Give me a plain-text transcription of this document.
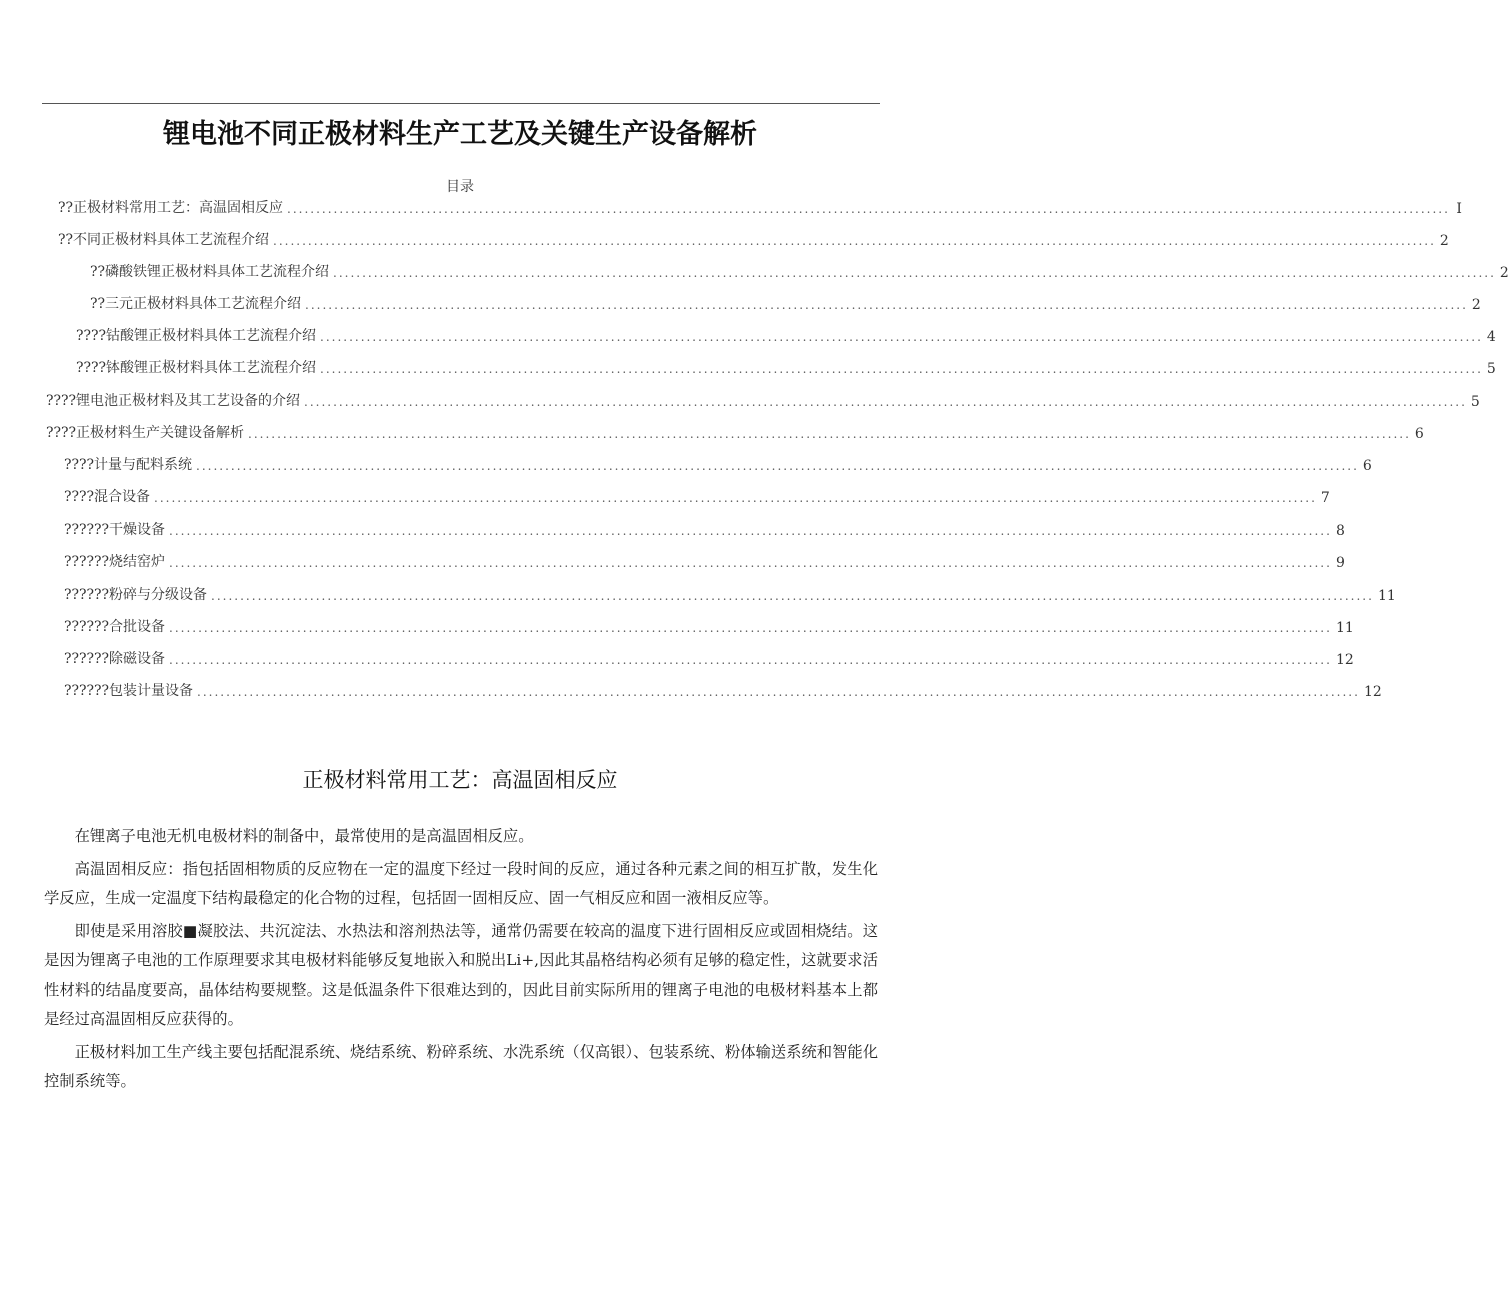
锂电池不同正极材料生产工艺及关键生产设备解析
目录
??正极材料常用工艺：高温固相反应 ........................................................................................................................................................................................................ I
??不同正极材料具体工艺流程介绍 ........................................................................................................................................................................................................ 2
??磷酸铁锂正极材料具体工艺流程介绍 ........................................................................................................................................................................................................ 2
??三元正极材料具体工艺流程介绍 ........................................................................................................................................................................................................ 2
????钴酸锂正极材料具体工艺流程介绍 ........................................................................................................................................................................................................ 4
????钵酸锂正极材料具体工艺流程介绍 ........................................................................................................................................................................................................ 5
????锂电池正极材料及其工艺设备的介绍 ........................................................................................................................................................................................................ 5
????正极材料生产关键设备解析 ........................................................................................................................................................................................................ 6
????计量与配料系统 ........................................................................................................................................................................................................ 6
????混合设备 ........................................................................................................................................................................................................ 7
??????干燥设备 ........................................................................................................................................................................................................ 8
??????烧结窑炉 ........................................................................................................................................................................................................ 9
??????粉碎与分级设备 ........................................................................................................................................................................................................ 11
??????合批设备 ........................................................................................................................................................................................................ 11
??????除磁设备 ........................................................................................................................................................................................................ 12
??????包装计量设备 ........................................................................................................................................................................................................ 12
正极材料常用工艺：高温固相反应

在锂离子电池无机电极材料的制备中，最常使用的是高温固相反应。

高温固相反应：指包括固相物质的反应物在一定的温度下经过一段时间的反应，通过各种元素之间的相互扩散，发生化学反应，生成一定温度下结构最稳定的化合物的过程，包括固一固相反应、固一气相反应和固一液相反应等。

即使是采用溶胶■凝胶法、共沉淀法、水热法和溶剂热法等，通常仍需要在较高的温度下进行固相反应或固相烧结。这是因为锂离子电池的工作原理要求其电极材料能够反复地嵌入和脱出Li+,因此其晶格结构必须有足够的稳定性，这就要求活性材料的结晶度要高，晶体结构要规整。这是低温条件下很难达到的，因此目前实际所用的锂离子电池的电极材料基本上都是经过高温固相反应获得的。

正极材料加工生产线主要包括配混系统、烧结系统、粉碎系统、水洗系统（仅高银）、包装系统、粉体输送系统和智能化控制系统等。
